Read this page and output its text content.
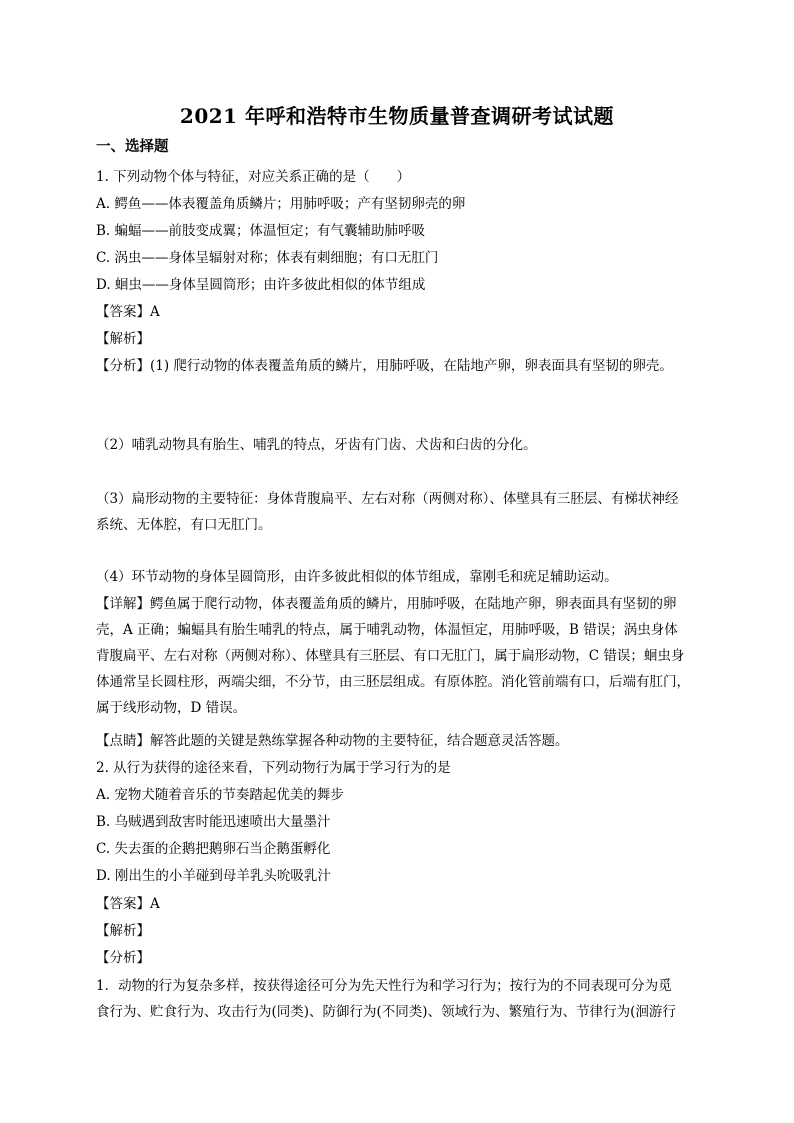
2021 年呼和浩特市生物质量普查调研考试试题
一、选择题
1. 下列动物个体与特征，对应关系正确的是（　　）
A. 鳄鱼——体表覆盖角质鳞片；用肺呼吸；产有坚韧卵壳的卵
B. 蝙蝠——前肢变成翼；体温恒定；有气囊辅助肺呼吸
C. 涡虫——身体呈辐射对称；体表有刺细胞；有口无肛门
D. 蛔虫——身体呈圆筒形；由许多彼此相似的体节组成
【答案】A
【解析】
【分析】(1) 爬行动物的体表覆盖角质的鳞片，用肺呼吸，在陆地产卵，卵表面具有坚韧的卵壳。
（2）哺乳动物具有胎生、哺乳的特点，牙齿有门齿、犬齿和臼齿的分化。
（3）扁形动物的主要特征：身体背腹扁平、左右对称（两侧对称）、体壁具有三胚层、有梯状神经
系统、无体腔，有口无肛门。
（4）环节动物的身体呈圆筒形，由许多彼此相似的体节组成，靠刚毛和疣足辅助运动。
【详解】鳄鱼属于爬行动物，体表覆盖角质的鳞片，用肺呼吸，在陆地产卵，卵表面具有坚韧的卵
壳，A 正确；蝙蝠具有胎生哺乳的特点，属于哺乳动物，体温恒定，用肺呼吸，B 错误；涡虫身体
背腹扁平、左右对称（两侧对称）、体壁具有三胚层、有口无肛门，属于扁形动物，C 错误；蛔虫身
体通常呈长圆柱形，两端尖细，不分节，由三胚层组成。有原体腔。消化管前端有口，后端有肛门，
属于线形动物，D 错误。
【点睛】解答此题的关键是熟练掌握各种动物的主要特征，结合题意灵活答题。
2. 从行为获得的途径来看，下列动物行为属于学习行为的是
A. 宠物犬随着音乐的节奏踏起优美的舞步
B. 乌贼遇到敌害时能迅速喷出大量墨汁
C. 失去蛋的企鹅把鹅卵石当企鹅蛋孵化
D. 刚出生的小羊碰到母羊乳头吮吸乳汁
【答案】A
【解析】
【分析】
1．动物的行为复杂多样，按获得途径可分为先天性行为和学习行为；按行为的不同表现可分为觅
食行为、贮食行为、攻击行为(同类)、防御行为(不同类)、领域行为、繁殖行为、节律行为(洄游行
